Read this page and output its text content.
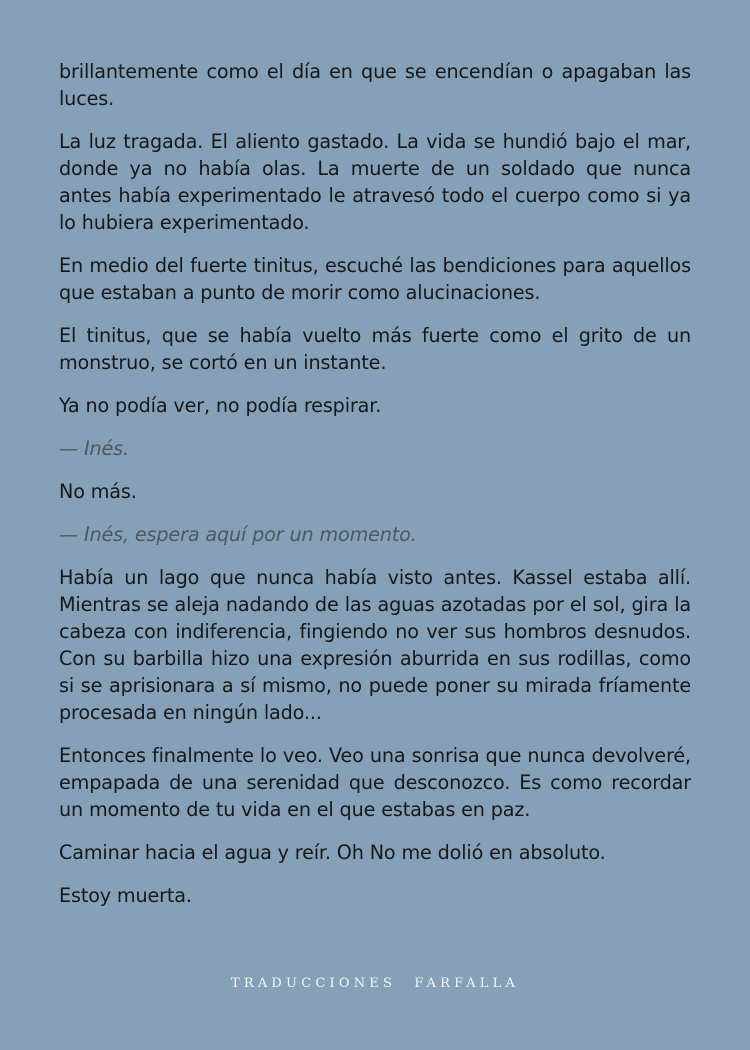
brillantemente como el día en que se encendían o apagaban las luces.

La luz tragada. El aliento gastado. La vida se hundió bajo el mar, donde ya no había olas. La muerte de un soldado que nunca antes había experimentado le atravesó todo el cuerpo como si ya lo hubiera experimentado.

En medio del fuerte tinitus, escuché las bendiciones para aquellos que estaban a punto de morir como alucinaciones.

El tinitus, que se había vuelto más fuerte como el grito de un monstruo, se cortó en un instante.

Ya no podía ver, no podía respirar.

— Inés.

No más.

— Inés, espera aquí por un momento.

Había un lago que nunca había visto antes. Kassel estaba allí. Mientras se aleja nadando de las aguas azotadas por el sol, gira la cabeza con indiferencia, fingiendo no ver sus hombros desnudos. Con su barbilla hizo una expresión aburrida en sus rodillas, como si se aprisionara a sí mismo, no puede poner su mirada fríamente procesada en ningún lado...

Entonces finalmente lo veo. Veo una sonrisa que nunca devolveré, empapada de una serenidad que desconozco. Es como recordar un momento de tu vida en el que estabas en paz.

Caminar hacia el agua y reír. Oh No me dolió en absoluto.

Estoy muerta.

TRADUCCIONES FARFALLA
